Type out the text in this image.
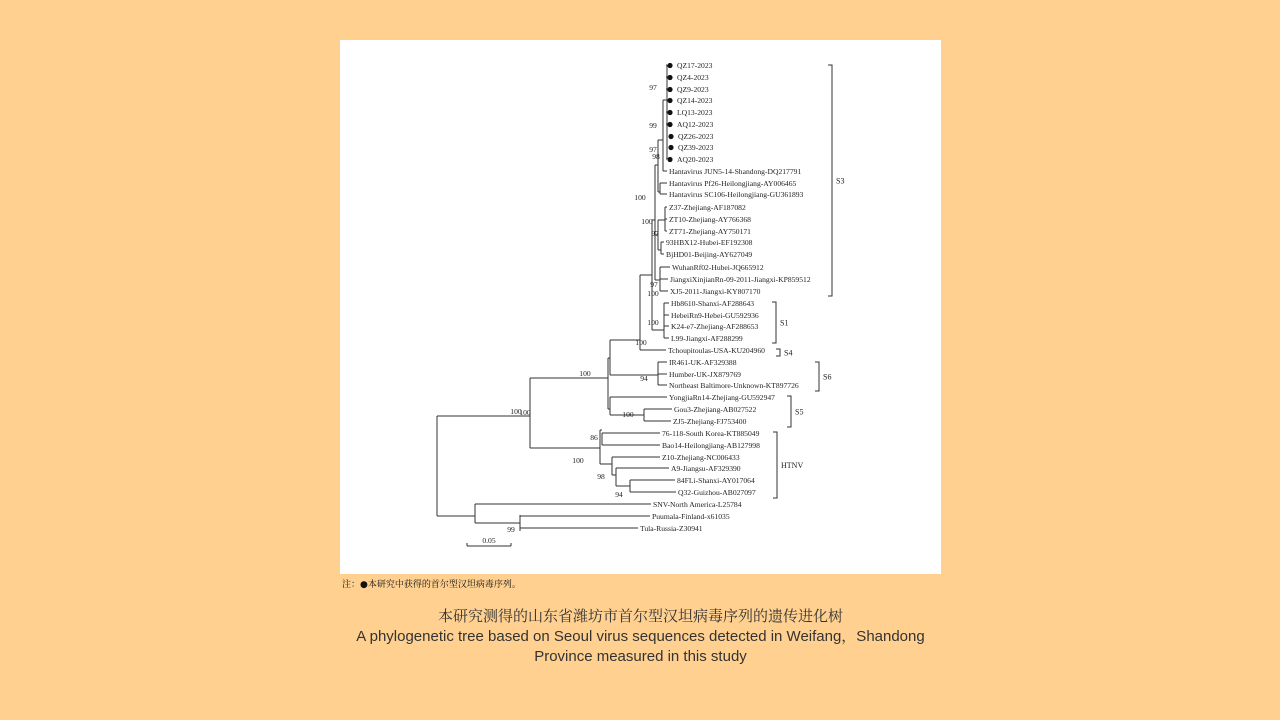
QZ17-2023
QZ4-2023
QZ9-2023
QZ14-2023
LQ13-2023
AQ12-2023
QZ26-2023
QZ39-2023
AQ20-2023
Hantavirus JUN5-14-Shandong-DQ217791
Hantavirus Pf26-Heilongjiang-AY006465
Hantavirus SC106-Heilongjiang-GU361893
Z37-Zhejiang-AF187082
ZT10-Zhejiang-AY766368
ZT71-Zhejiang-AY750171
93HBX12-Hubei-EF192308
BjHD01-Beijing-AY627049
WuhanRf02-Hubei-JQ665912
JiangxiXinjianRn-09-2011-Jiangxi-KP859512
XJ5-2011-Jiangxi-KY807170
Hb8610-Shanxi-AF288643
HebeiRn9-Hebei-GU592936
K24-e7-Zhejiang-AF288653
L99-Jiangxi-AF288299
Tchoupitoulas-USA-KU204960
IR461-UK-AF329388
Humber-UK-JX879769
Northeast Baltimore-Unknown-KT897726
YongjiaRn14-Zhejiang-GU592947
Gou3-Zhejiang-AB027522
ZJ5-Zhejiang-FJ753400
76-118-South Korea-KT885049
Bao14-Heilongjiang-AB127998
Z10-Zhejiang-NC006433
A9-Jiangsu-AF329390
84FLi-Shanxi-AY017064
Q32-Guizhou-AB027097
SNV-North America-L25784
Puumala-Finland-x61035
Tula-Russia-Z30941
97
99
97
98
100
100
97
97
100
100
100
94
100
100
100
100
86
100
98
94
99
S3
S1
S4
S6
S5
HTNV
0.05
注：●本研究中获得的首尔型汉坦病毒序列。
本研究测得的山东省潍坊市首尔型汉坦病毒序列的遗传进化树
A phylogenetic tree based on Seoul virus sequences detected in Weifang，Shandong Province measured in this study
